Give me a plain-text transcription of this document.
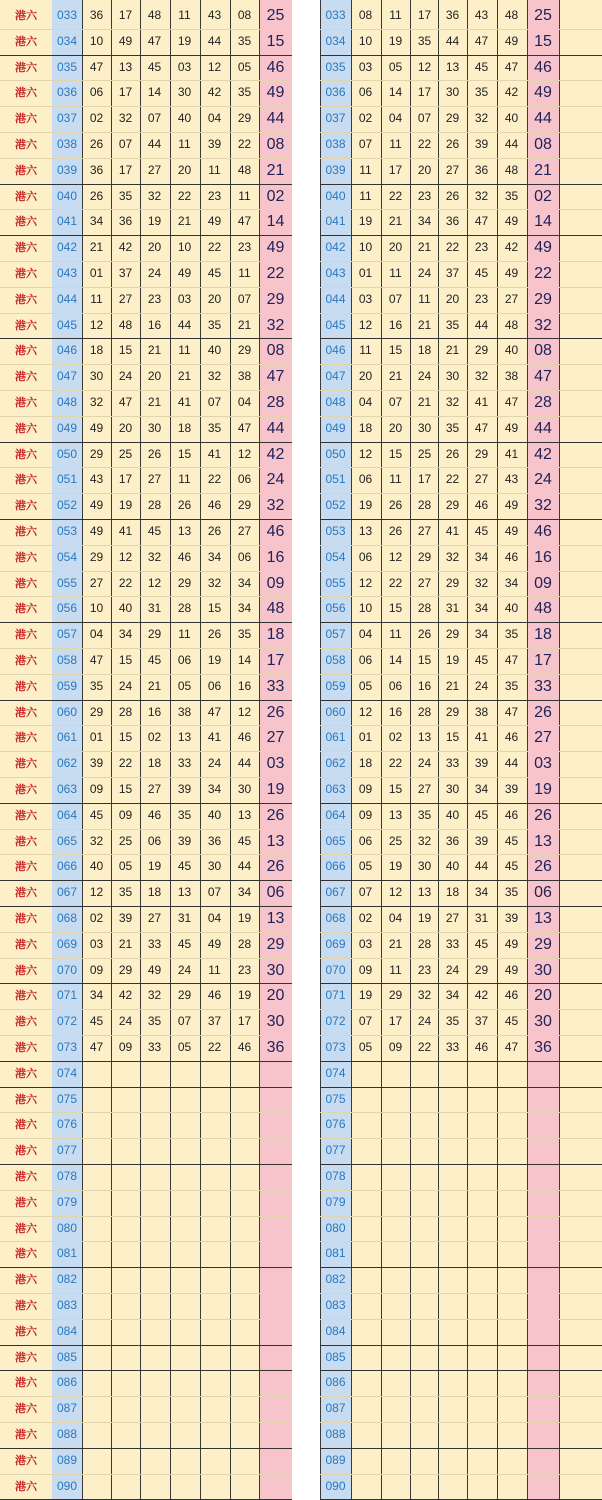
港六	033	36	17	48	11	43	08 25
港六	034	10	49	47	19	44	35 15
港六	035	47	13	45	03	12	05 46
港六	036	06	17	14	30	42	35 49
港六	037	02	32	07	40	04	29 44
港六	038	26	07	44	11	39	22 08
港六	039	36	17	27	20	11	48 21
港六	040	26	35	32	22	23	11 02
港六	041	34	36	19	21	49	47 14
港六	042	21	42	20	10	22	23 49
港六	043	01	37	24	49	45	11 22
港六	044	11	27	23	03	20	07 29
港六	045	12	48	16	44	35	21 32
港六	046	18	15	21	11	40	29 08
港六	047	30	24	20	21	32	38 47
港六	048	32	47	21	41	07	04 28
港六	049	49	20	30	18	35	47 44
港六	050	29	25	26	15	41	12 42
港六	051	43	17	27	11	22	06 24
港六	052	49	19	28	26	46	29 32
港六	053	49	41	45	13	26	27 46
港六	054	29	12	32	46	34	06 16
港六	055	27	22	12	29	32	34 09
港六	056	10	40	31	28	15	34 48
港六	057	04	34	29	11	26	35 18
港六	058	47	15	45	06	19	14 17
港六	059	35	24	21	05	06	16 33
港六	060	29	28	16	38	47	12 26
港六	061	01	15	02	13	41	46 27
港六	062	39	22	18	33	24	44 03
港六	063	09	15	27	39	34	30 19
港六	064	45	09	46	35	40	13 26
港六	065	32	25	06	39	36	45 13
港六	066	40	05	19	45	30	44 26
港六	067	12	35	18	13	07	34 06
港六	068	02	39	27	31	04	19 13
港六	069	03	21	33	45	49	28 29
港六	070	09	29	49	24	11	23 30
港六	071	34	42	32	29	46	19 20
港六	072	45	24	35	07	37	17 30
港六	073	47	09	33	05	22	46 36
港六	074
港六	075
港六	076
港六	077
港六	078
港六	079
港六	080
港六	081
港六	082
港六	083
港六	084
港六	085
港六	086
港六	087
港六	088
港六	089
港六	090
033	08	11	17	36	43	48 25
034	10	19	35	44	47	49 15
035	03	05	12	13	45	47 46
036	06	14	17	30	35	42 49
037	02	04	07	29	32	40 44
038	07	11	22	26	39	44 08
039	11	17	20	27	36	48 21
040	11	22	23	26	32	35 02
041	19	21	34	36	47	49 14
042	10	20	21	22	23	42 49
043	01	11	24	37	45	49 22
044	03	07	11	20	23	27 29
045	12	16	21	35	44	48 32
046	11	15	18	21	29	40 08
047	20	21	24	30	32	38 47
048	04	07	21	32	41	47 28
049	18	20	30	35	47	49 44
050	12	15	25	26	29	41 42
051	06	11	17	22	27	43 24
052	19	26	28	29	46	49 32
053	13	26	27	41	45	49 46
054	06	12	29	32	34	46 16
055	12	22	27	29	32	34 09
056	10	15	28	31	34	40 48
057	04	11	26	29	34	35 18
058	06	14	15	19	45	47 17
059	05	06	16	21	24	35 33
060	12	16	28	29	38	47 26
061	01	02	13	15	41	46 27
062	18	22	24	33	39	44 03
063	09	15	27	30	34	39 19
064	09	13	35	40	45	46 26
065	06	25	32	36	39	45 13
066	05	19	30	40	44	45 26
067	07	12	13	18	34	35 06
068	02	04	19	27	31	39 13
069	03	21	28	33	45	49 29
070	09	11	23	24	29	49 30
071	19	29	32	34	42	46 20
072	07	17	24	35	37	45 30
073	05	09	22	33	46	47 36
074
075
076
077
078
079
080
081
082
083
084
085
086
087
088
089
090
